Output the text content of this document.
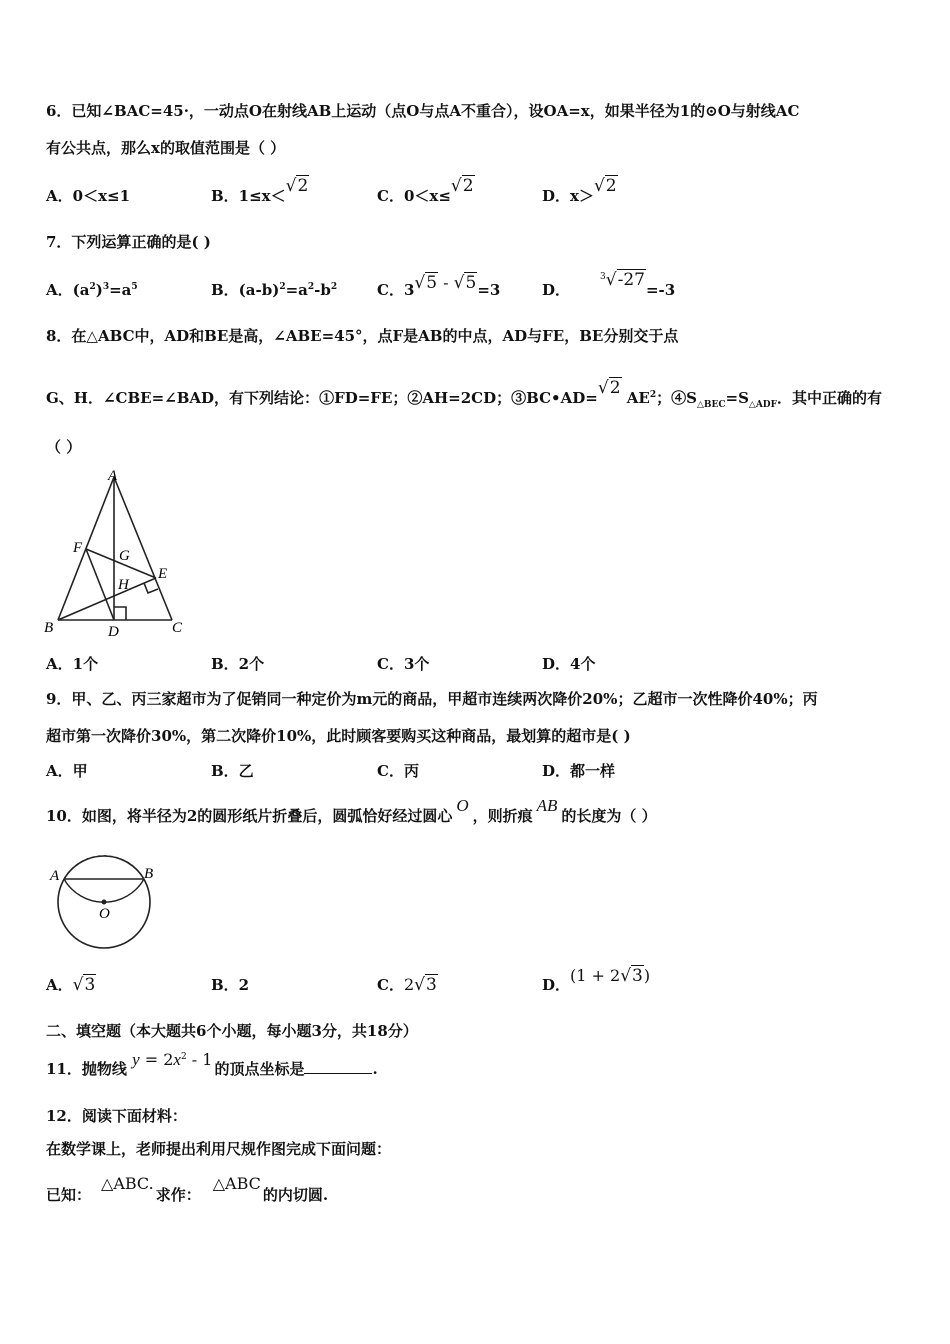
6．已知∠BAC=45·，一动点O在射线AB上运动（点O与点A不重合），设OA=x，如果半径为1的⊙O与射线AC
有公共点，那么x的取值范围是（ ）
A．0＜x≤1	B．1≤x＜√2	C．0＜x≤√2	D．x＞√2
7．下列运算正确的是( )
A．$(a^2)^3=a^5$	B．$(a-b)^2=a^2-b^2$	C．3√5 - √5=3	D．$^3$√-27=-3
8．在△ABC中，AD和BE是高，∠ABE=45°，点F是AB的中点，AD与FE，BE分别交于点
G、H．∠CBE=∠BAD，有下列结论：①FD=FE；②AH=2CD；③BC•AD=√2 $AE^2$；$④S_{\triangle BEC}=S_{\triangle ADF}$．其中正确的有
（ ）
A
B	C
D
E
F G
H
A．1个	B．2个	C．3个	D．4个
9．甲、乙、丙三家超市为了促销同一种定价为m元的商品，甲超市连续两次降价20%；乙超市一次性降价40%；丙
超市第一次降价30%，第二次降价10%，此时顾客要购买这种商品，最划算的超市是( )
A．甲	B．乙	C．丙	D．都一样
10．如图，将半径为2的圆形纸片折叠后，圆弧恰好经过圆心O，则折痕AB的长度为（ ）
A	B
O
A．√3	B．2	C．2√3	D．(1 + 2√3)
二、填空题（本大题共6个小题，每小题3分，共18分）
11．抛物线 $y = 2x^2 - 1$ 的顶点坐标是	.
12．阅读下面材料：
在数学课上，老师提出利用尺规作图完成下面问题：
已知：△ABC.求作：△ABC的内切圆.
